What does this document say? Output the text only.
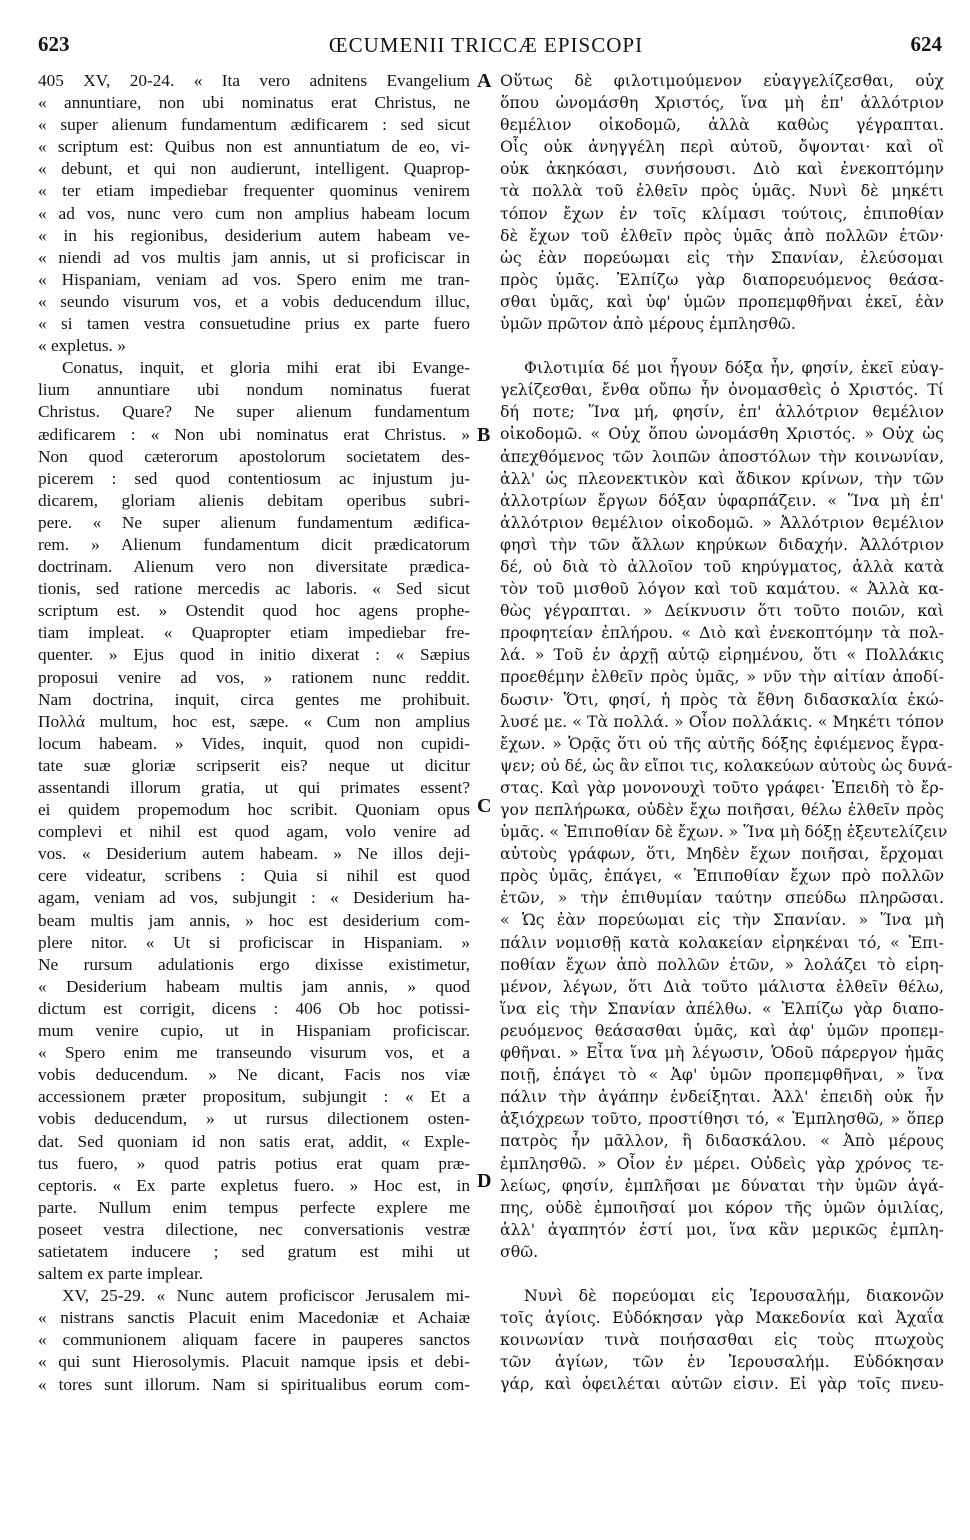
623	ŒCUMENII TRICCÆ EPISCOPI	624
405 XV, 20-24. « Ita vero adnitens Evangelium
« annuntiare, non ubi nominatus erat Christus, ne
« super alienum fundamentum ædificarem : sed sicut
« scriptum est: Quibus non est annuntiatum de eo, vi-
« debunt, et qui non audierunt, intelligent. Quaprop-
« ter etiam impediebar frequenter quominus venirem
« ad vos, nunc vero cum non amplius habeam locum
« in his regionibus, desiderium autem habeam ve-
« niendi ad vos multis jam annis, ut si proficiscar in
« Hispaniam, veniam ad vos. Spero enim me tran-
« seundo visurum vos, et a vobis deducendum illuc,
« si tamen vestra consuetudine prius ex parte fuero
« expletus. »
Conatus, inquit, et gloria mihi erat ibi Evange-
lium annuntiare ubi nondum nominatus fuerat
Christus. Quare? Ne super alienum fundamentum
ædificarem : « Non ubi nominatus erat Christus. »
Non quod cæterorum apostolorum societatem des-
picerem : sed quod contentiosum ac injustum ju-
dicarem, gloriam alienis debitam operibus subri-
pere. « Ne super alienum fundamentum ædifica-
rem. » Alienum fundamentum dicit prædicatorum
doctrinam. Alienum vero non diversitate prædica-
tionis, sed ratione mercedis ac laboris. « Sed sicut
scriptum est. » Ostendit quod hoc agens prophe-
tiam impleat. « Quapropter etiam impediebar fre-
quenter. » Ejus quod in initio dixerat : « Sæpius
proposui venire ad vos, » rationem nunc reddit.
Nam doctrina, inquit, circa gentes me prohibuit.
Πολλά multum, hoc est, sæpe. « Cum non amplius
locum habeam. » Vides, inquit, quod non cupidi-
tate suæ gloriæ scripserit eis? neque ut dicitur
assentandi illorum gratia, ut qui primates essent?
ei quidem propemodum hoc scribit. Quoniam opus
complevi et nihil est quod agam, volo venire ad
vos. « Desiderium autem habeam. » Ne illos deji-
cere videatur, scribens : Quia si nihil est quod
agam, veniam ad vos, subjungit : « Desiderium ha-
beam multis jam annis, » hoc est desiderium com-
plere nitor. « Ut si proficiscar in Hispaniam. »
Ne rursum adulationis ergo dixisse existimetur,
« Desiderium habeam multis jam annis, » quod
dictum est corrigit, dicens : 406 Ob hoc potissi-
mum venire cupio, ut in Hispaniam proficiscar.
« Spero enim me transeundo visurum vos, et a
vobis deducendum. » Ne dicant, Facis nos viæ
accessionem præter propositum, subjungit : « Et a
vobis deducendum, » ut rursus dilectionem osten-
dat. Sed quoniam id non satis erat, addit, « Exple-
tus fuero, » quod patris potius erat quam præ-
ceptoris. « Ex parte expletus fuero. » Hoc est, in
parte. Nullum enim tempus perfecte explere me
poseet vestra dilectione, nec conversationis vestræ
satietatem inducere ; sed gratum est mihi ut
saltem ex parte implear.
XV, 25-29. « Nunc autem proficiscor Jerusalem mi-
« nistrans sanctis Placuit enim Macedoniæ et Achaiæ
« communionem aliquam facere in pauperes sanctos
« qui sunt Hierosolymis. Placuit namque ipsis et debi-
« tores sunt illorum. Nam si spiritualibus eorum com-
Οὕτως δὲ φιλοτιμούμενον εὐαγγελίζεσθαι, οὐχ
ὅπου ὠνομάσθη Χριστός, ἵνα μὴ ἐπ' ἀλλότριον
θεμέλιον οἰκοδομῶ, ἀλλὰ καθὼς γέγραπται.
Οἷς οὐκ ἀνηγγέλη περὶ αὐτοῦ, ὄψονται· καὶ οἳ
οὐκ ἀκηκόασι, συνήσουσι. Διὸ καὶ ἐνεκοπτόμην
τὰ πολλὰ τοῦ ἐλθεῖν πρὸς ὑμᾶς. Νυνὶ δὲ μηκέτι
τόπον ἔχων ἐν τοῖς κλίμασι τούτοις, ἐπιποθίαν
δὲ ἔχων τοῦ ἐλθεῖν πρὸς ὑμᾶς ἀπὸ πολλῶν ἐτῶν·
ὡς ἐὰν πορεύωμαι εἰς τὴν Σπανίαν, ἐλεύσομαι
πρὸς ὑμᾶς. Ἐλπίζω γὰρ διαπορευόμενος θεάσα-
σθαι ὑμᾶς, καὶ ὑφ' ὑμῶν προπεμφθῆναι ἐκεῖ, ἐὰν
ὑμῶν πρῶτον ἀπὸ μέρους ἐμπλησθῶ.
Φιλοτιμία δέ μοι ἦγουν δόξα ἦν, φησίν, ἐκεῖ εὐαγ-
γελίζεσθαι, ἔνθα οὔπω ἦν ὀνομασθεὶς ὁ Χριστός. Τί
δή ποτε; Ἵνα μή, φησίν, ἐπ' ἀλλότριον θεμέλιον
οἰκοδομῶ. « Οὐχ ὅπου ὠνομάσθη Χριστός. » Οὐχ ὡς
ἀπεχθόμενος τῶν λοιπῶν ἀποστόλων τὴν κοινωνίαν,
ἀλλ' ὡς πλεονεκτικὸν καὶ ἄδικον κρίνων, τὴν τῶν
ἀλλοτρίων ἔργων δόξαν ὑφαρπάζειν. « Ἵνα μὴ ἐπ'
ἀλλότριον θεμέλιον οἰκοδομῶ. » Ἀλλότριον θεμέλιον
φησὶ τὴν τῶν ἄλλων κηρύκων διδαχήν. Ἀλλότριον
δέ, οὐ διὰ τὸ ἀλλοῖον τοῦ κηρύγματος, ἀλλὰ κατὰ
τὸν τοῦ μισθοῦ λόγον καὶ τοῦ καμάτου. « Ἀλλὰ κα-
θὼς γέγραπται. » Δείκνυσιν ὅτι τοῦτο ποιῶν, καὶ
προφητείαν ἐπλήρου. « Διὸ καὶ ἐνεκοπτόμην τὰ πολ-
λά. » Τοῦ ἐν ἀρχῇ αὐτῷ εἰρημένου, ὅτι « Πολλάκις
προεθέμην ἐλθεῖν πρὸς ὑμᾶς, » νῦν τὴν αἰτίαν ἀποδί-
δωσιν· Ὅτι, φησί, ἡ πρὸς τὰ ἔθνη διδασκαλία ἐκώ-
λυσέ με. « Τὰ πολλά. » Οἷον πολλάκις. « Μηκέτι τόπον
ἔχων. » Ὁρᾷς ὅτι οὐ τῆς αὐτῆς δόξης ἐφιέμενος ἔγρα-
ψεν; οὐ δέ, ὡς ἂν εἴποι τις, κολακεύων αὐτοὺς ὡς δυνά-
στας. Καὶ γὰρ μονονουχὶ τοῦτο γράφει· Ἐπειδὴ τὸ ἔρ-
γον πεπλήρωκα, οὐδὲν ἔχω ποιῆσαι, θέλω ἐλθεῖν πρὸς
ὑμᾶς. « Ἐπιποθίαν δὲ ἔχων. » Ἵνα μὴ δόξῃ ἐξευτελίζειν
αὐτοὺς γράφων, ὅτι, Μηδὲν ἔχων ποιῆσαι, ἔρχομαι
πρὸς ὑμᾶς, ἐπάγει, « Ἐπιποθίαν ἔχων πρὸ πολλῶν
ἐτῶν, » τὴν ἐπιθυμίαν ταύτην σπεύδω πληρῶσαι.
« Ὡς ἐὰν πορεύωμαι εἰς τὴν Σπανίαν. » Ἵνα μὴ
πάλιν νομισθῇ κατὰ κολακείαν εἰρηκέναι τό, « Ἐπι-
ποθίαν ἔχων ἀπὸ πολλῶν ἐτῶν, » λολάζει τὸ εἰρη-
μένον, λέγων, ὅτι Διὰ τοῦτο μάλιστα ἐλθεῖν θέλω,
ἵνα εἰς τὴν Σπανίαν ἀπέλθω. « Ἐλπίζω γὰρ διαπο-
ρευόμενος θεάσασθαι ὑμᾶς, καὶ ἀφ' ὑμῶν προπεμ-
φθῆναι. » Εἶτα ἵνα μὴ λέγωσιν, Ὁδοῦ πάρεργον ἡμᾶς
ποιῇ, ἐπάγει τὸ « Ἀφ' ὑμῶν προπεμφθῆναι, » ἵνα
πάλιν τὴν ἀγάπην ἐνδείξηται. Ἀλλ' ἐπειδὴ οὐκ ἦν
ἀξιόχρεων τοῦτο, προστίθησι τό, « Ἐμπλησθῶ, » ὅπερ
πατρὸς ἦν μᾶλλον, ἢ διδασκάλου. « Ἀπὸ μέρους
ἐμπλησθῶ. » Οἷον ἐν μέρει. Οὐδεὶς γὰρ χρόνος τε-
λείως, φησίν, ἐμπλῆσαι με δύναται τὴν ὑμῶν ἀγά-
πης, οὐδὲ ἐμποιῆσαί μοι κόρον τῆς ὑμῶν ὁμιλίας,
ἀλλ' ἀγαπητόν ἐστί μοι, ἵνα κἂν μερικῶς ἐμπλη-
σθῶ.
Νυνὶ δὲ πορεύομαι εἰς Ἱερουσαλήμ, διακονῶν
τοῖς ἁγίοις. Εὐδόκησαν γὰρ Μακεδονία καὶ Ἀχαΐα
κοινωνίαν τινὰ ποιήσασθαι εἰς τοὺς πτωχοὺς
τῶν ἁγίων, τῶν ἐν Ἱερουσαλήμ. Εὐδόκησαν
γάρ, καὶ ὀφειλέται αὐτῶν εἰσιν. Εἰ γὰρ τοῖς πνευ-
A
B
C
D
